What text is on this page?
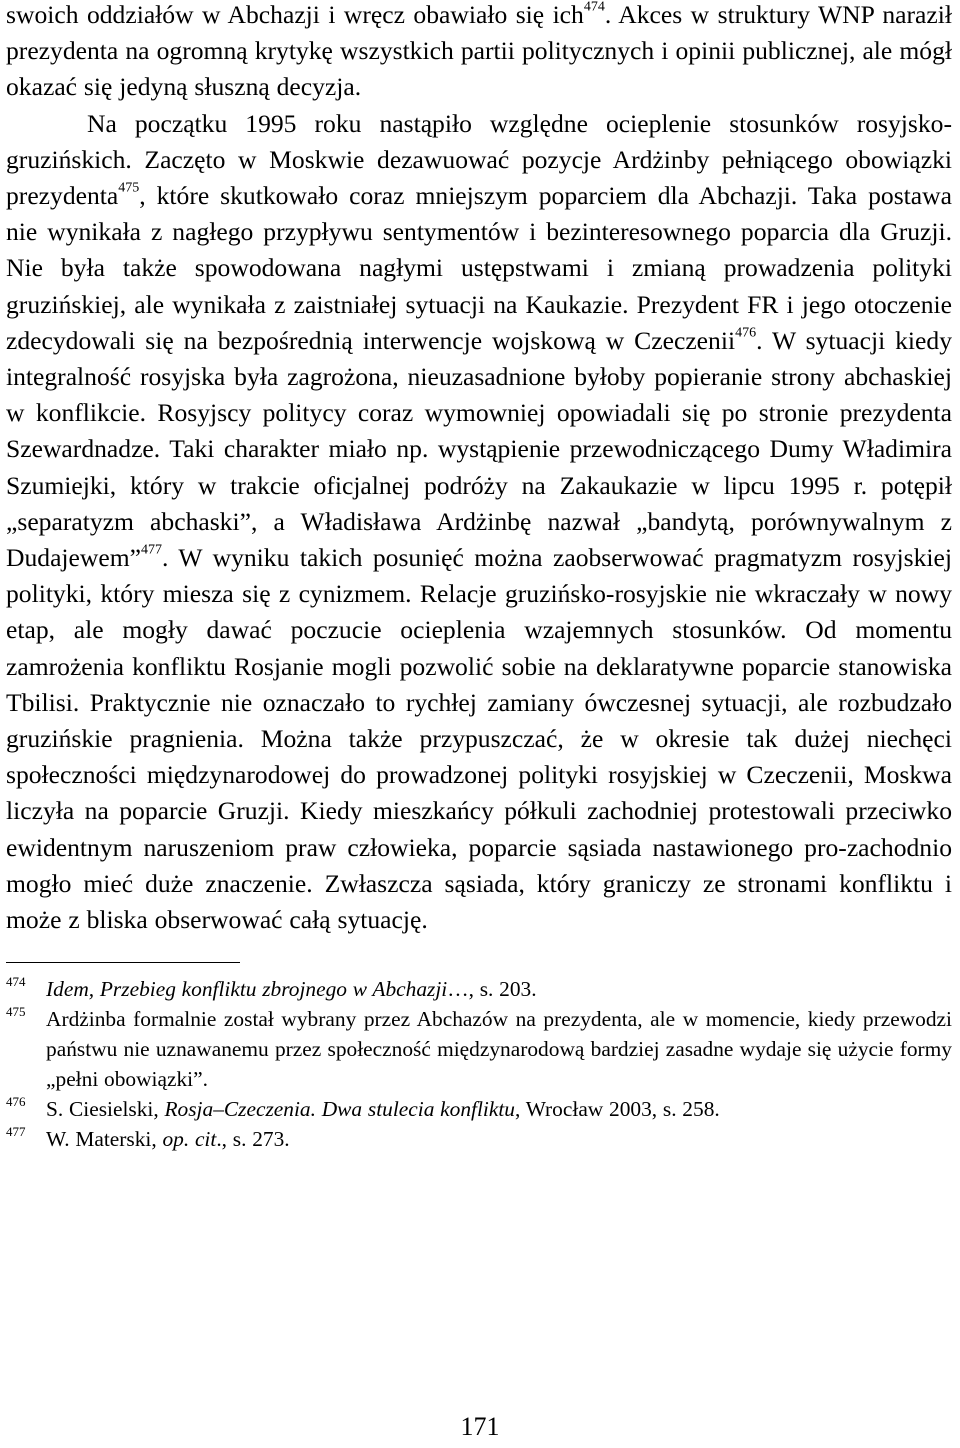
swoich oddziałów w Abchazji i wręcz obawiało się ich$^{474}$. Akces w struktury WNP naraził prezydenta na ogromną krytykę wszystkich partii politycznych i opinii publicznej, ale mógł okazać się jedyną słuszną decyzja.

Na początku 1995 roku nastąpiło względne ocieplenie stosunków rosyjsko-gruzińskich. Zaczęto w Moskwie dezawuować pozycje Ardżinby pełniącego obowiązki prezydenta$^{475}$, które skutkowało coraz mniejszym poparciem dla Abchazji. Taka postawa nie wynikała z nagłego przypływu sentymentów i bezinteresownego poparcia dla Gruzji. Nie była także spowodowana nagłymi ustępstwami i zmianą prowadzenia polityki gruzińskiej, ale wynikała z zaistniałej sytuacji na Kaukazie. Prezydent FR i jego otoczenie zdecydowali się na bezpośrednią interwencje wojskową w Czeczenii$^{476}$. W sytuacji kiedy integralność rosyjska była zagrożona, nieuzasadnione byłoby popieranie strony abchaskiej w konflikcie. Rosyjscy politycy coraz wymowniej opowiadali się po stronie prezydenta Szewardnadze. Taki charakter miało np. wystąpienie przewodniczącego Dumy Władimira Szumiejki, który w trakcie oficjalnej podróży na Zakaukazie w lipcu 1995 r. potępił „separatyzm abchaski”, a Władisława Ardżinbę nazwał „bandytą, porównywalnym z Dudajewem”$^{477}$. W wyniku takich posunięć można zaobserwować pragmatyzm rosyjskiej polityki, który miesza się z cynizmem. Relacje gruzińsko-rosyjskie nie wkraczały w nowy etap, ale mogły dawać poczucie ocieplenia wzajemnych stosunków. Od momentu zamrożenia konfliktu Rosjanie mogli pozwolić sobie na deklaratywne poparcie stanowiska Tbilisi. Praktycznie nie oznaczało to rychłej zamiany ówczesnej sytuacji, ale rozbudzało gruzińskie pragnienia. Można także przypuszczać, że w okresie tak dużej niechęci społeczności międzynarodowej do prowadzonej polityki rosyjskiej w Czeczenii, Moskwa liczyła na poparcie Gruzji. Kiedy mieszkańcy półkuli zachodniej protestowali przeciwko ewidentnym naruszeniom praw człowieka, poparcie sąsiada nastawionego pro-zachodnio mogło mieć duże znaczenie. Zwłaszcza sąsiada, który graniczy ze stronami konfliktu i może z bliska obserwować całą sytuację.

474 Idem, Przebieg konfliktu zbrojnego w Abchazji…, s. 203.
475 Ardżinba formalnie został wybrany przez Abchazów na prezydenta, ale w momencie, kiedy przewodzi państwu nie uznawanemu przez społeczność międzynarodową bardziej zasadne wydaje się użycie formy „pełni obowiązki”.
476 S. Ciesielski, Rosja–Czeczenia. Dwa stulecia konfliktu, Wrocław 2003, s. 258.
477 W. Materski, op. cit., s. 273.
171
